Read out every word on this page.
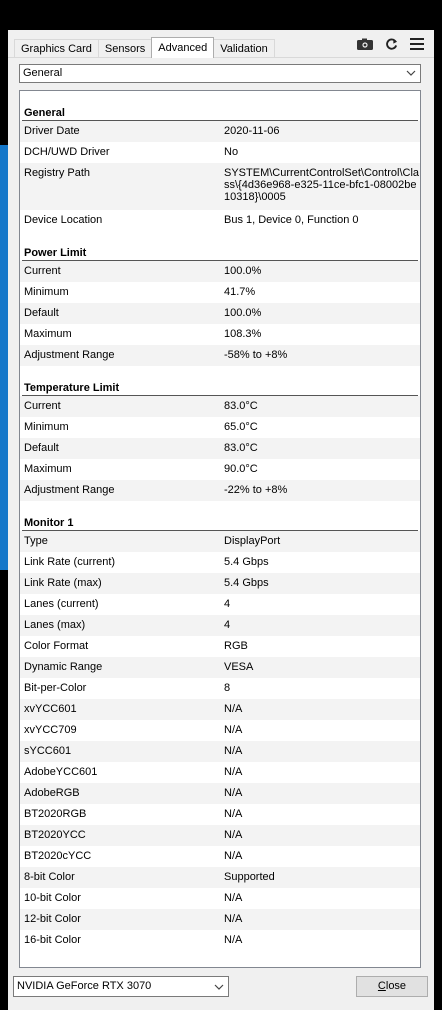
Graphics Card	Sensors	Advanced	Validation
General
General
Driver Date	2020-11-06
DCH/UWD Driver	No
Registry Path	SYSTEM\CurrentControlSet\Control\Class\{4d36e968-e325-11ce-bfc1-08002be10318}\0005
Device Location	Bus 1, Device 0, Function 0
Power Limit
Current	100.0%
Minimum	41.7%
Default	100.0%
Maximum	108.3%
Adjustment Range	-58% to +8%
Temperature Limit
Current	83.0°C
Minimum	65.0°C
Default	83.0°C
Maximum	90.0°C
Adjustment Range	-22% to +8%
Monitor 1
Type	DisplayPort
Link Rate (current)	5.4 Gbps
Link Rate (max)	5.4 Gbps
Lanes (current)	4
Lanes (max)	4
Color Format	RGB
Dynamic Range	VESA
Bit-per-Color	8
xvYCC601	N/A
xvYCC709	N/A
sYCC601	N/A
AdobeYCC601	N/A
AdobeRGB	N/A
BT2020RGB	N/A
BT2020YCC	N/A
BT2020cYCC	N/A
8-bit Color	Supported
10-bit Color	N/A
12-bit Color	N/A
16-bit Color	N/A
NVIDIA GeForce RTX 3070	Close
